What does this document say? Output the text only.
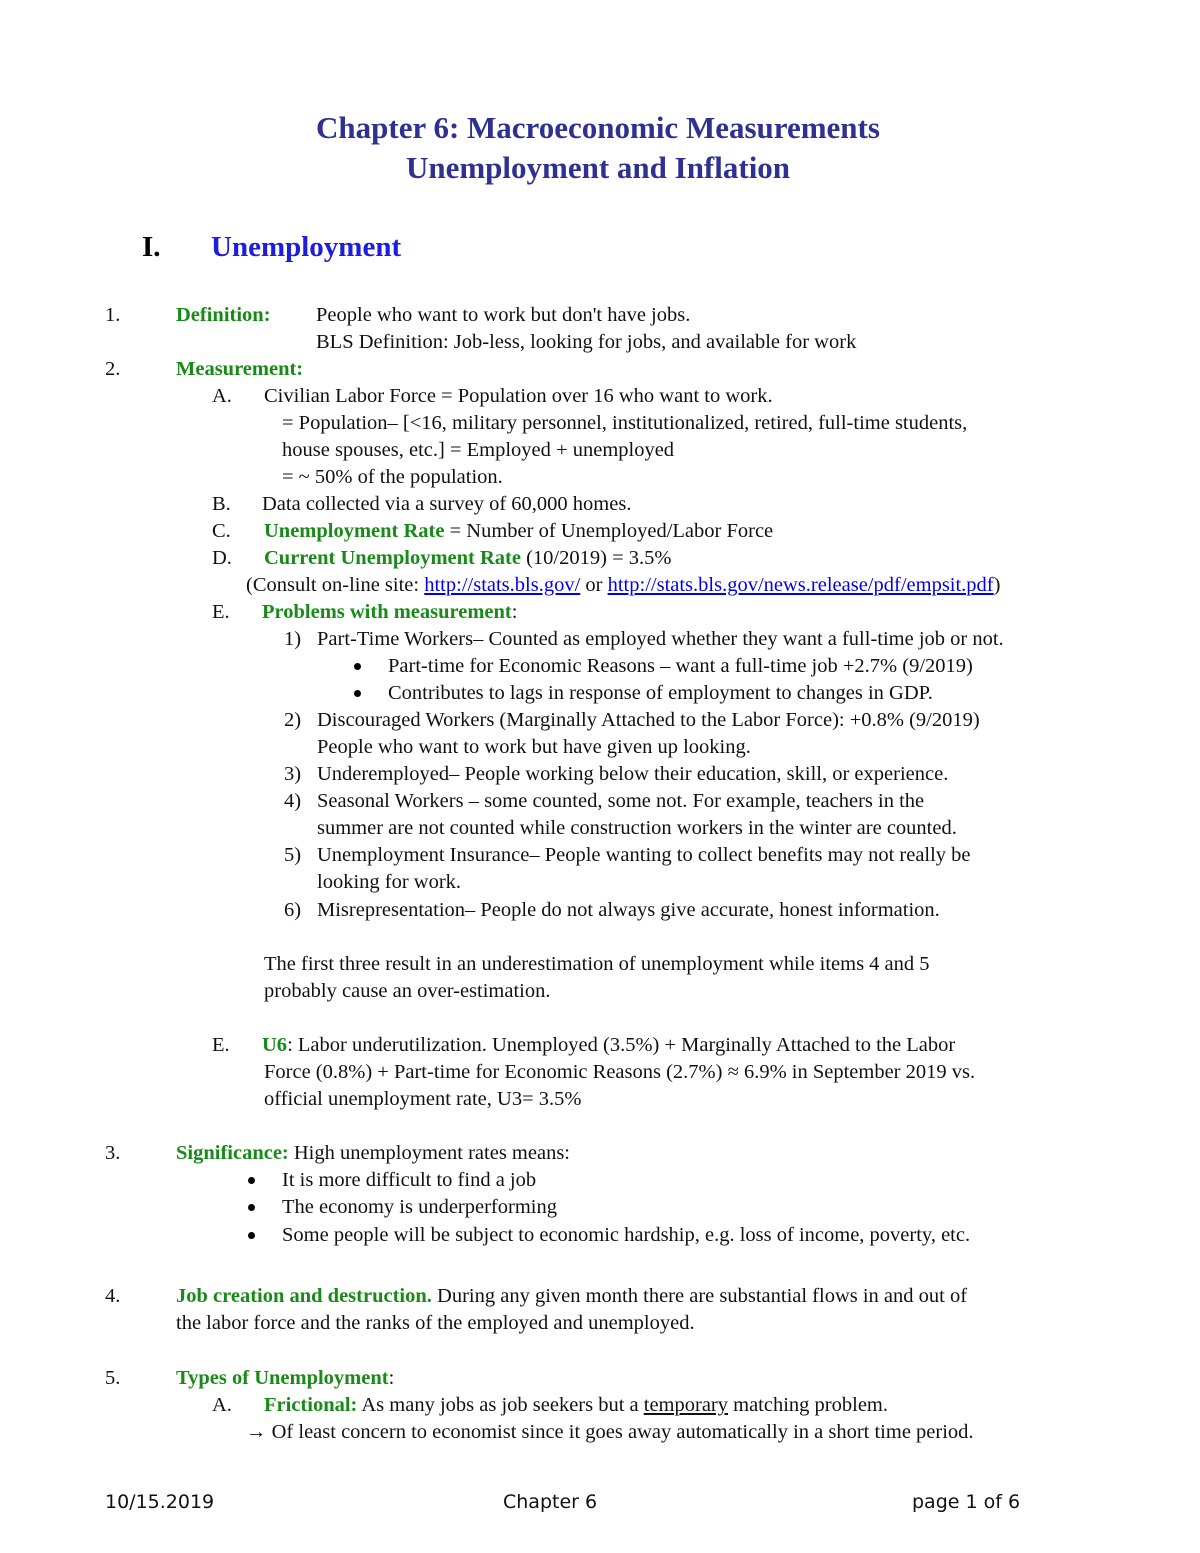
Chapter 6: Macroeconomic Measurements
Unemployment and Inflation
I. Unemployment
1.	Definition: People who want to work but don't have jobs.
BLS Definition: Job-less, looking for jobs, and available for work
2.	Measurement:
A. Civilian Labor Force = Population over 16 who want to work.
= Population– [<16, military personnel, institutionalized, retired, full-time students,
house spouses, etc.] = Employed + unemployed
= ~ 50% of the population.
B. Data collected via a survey of 60,000 homes.
C. Unemployment Rate = Number of Unemployed/Labor Force
D. Current Unemployment Rate (10/2019) = 3.5%
(Consult on-line site: http://stats.bls.gov/ or http://stats.bls.gov/news.release/pdf/empsit.pdf)
E. Problems with measurement:
1) Part-Time Workers– Counted as employed whether they want a full-time job or not.
Part-time for Economic Reasons – want a full-time job +2.7% (9/2019)
Contributes to lags in response of employment to changes in GDP.
2) Discouraged Workers (Marginally Attached to the Labor Force): +0.8% (9/2019)
People who want to work but have given up looking.
3) Underemployed– People working below their education, skill, or experience.
4) Seasonal Workers – some counted, some not. For example, teachers in the
summer are not counted while construction workers in the winter are counted.
5) Unemployment Insurance– People wanting to collect benefits may not really be
looking for work.
6) Misrepresentation– People do not always give accurate, honest information.
The first three result in an underestimation of unemployment while items 4 and 5
probably cause an over-estimation.
E. U6: Labor underutilization. Unemployed (3.5%) + Marginally Attached to the Labor
Force (0.8%) + Part-time for Economic Reasons (2.7%) ≈ 6.9% in September 2019 vs.
official unemployment rate, U3= 3.5%
3.	Significance: High unemployment rates means:
It is more difficult to find a job
The economy is underperforming
Some people will be subject to economic hardship, e.g. loss of income, poverty, etc.
4.	Job creation and destruction. During any given month there are substantial flows in and out of
the labor force and the ranks of the employed and unemployed.
5.	Types of Unemployment:
A. Frictional: As many jobs as job seekers but a temporary matching problem.
→ Of least concern to economist since it goes away automatically in a short time period.
10/15.2019	Chapter 6	page 1 of 6
